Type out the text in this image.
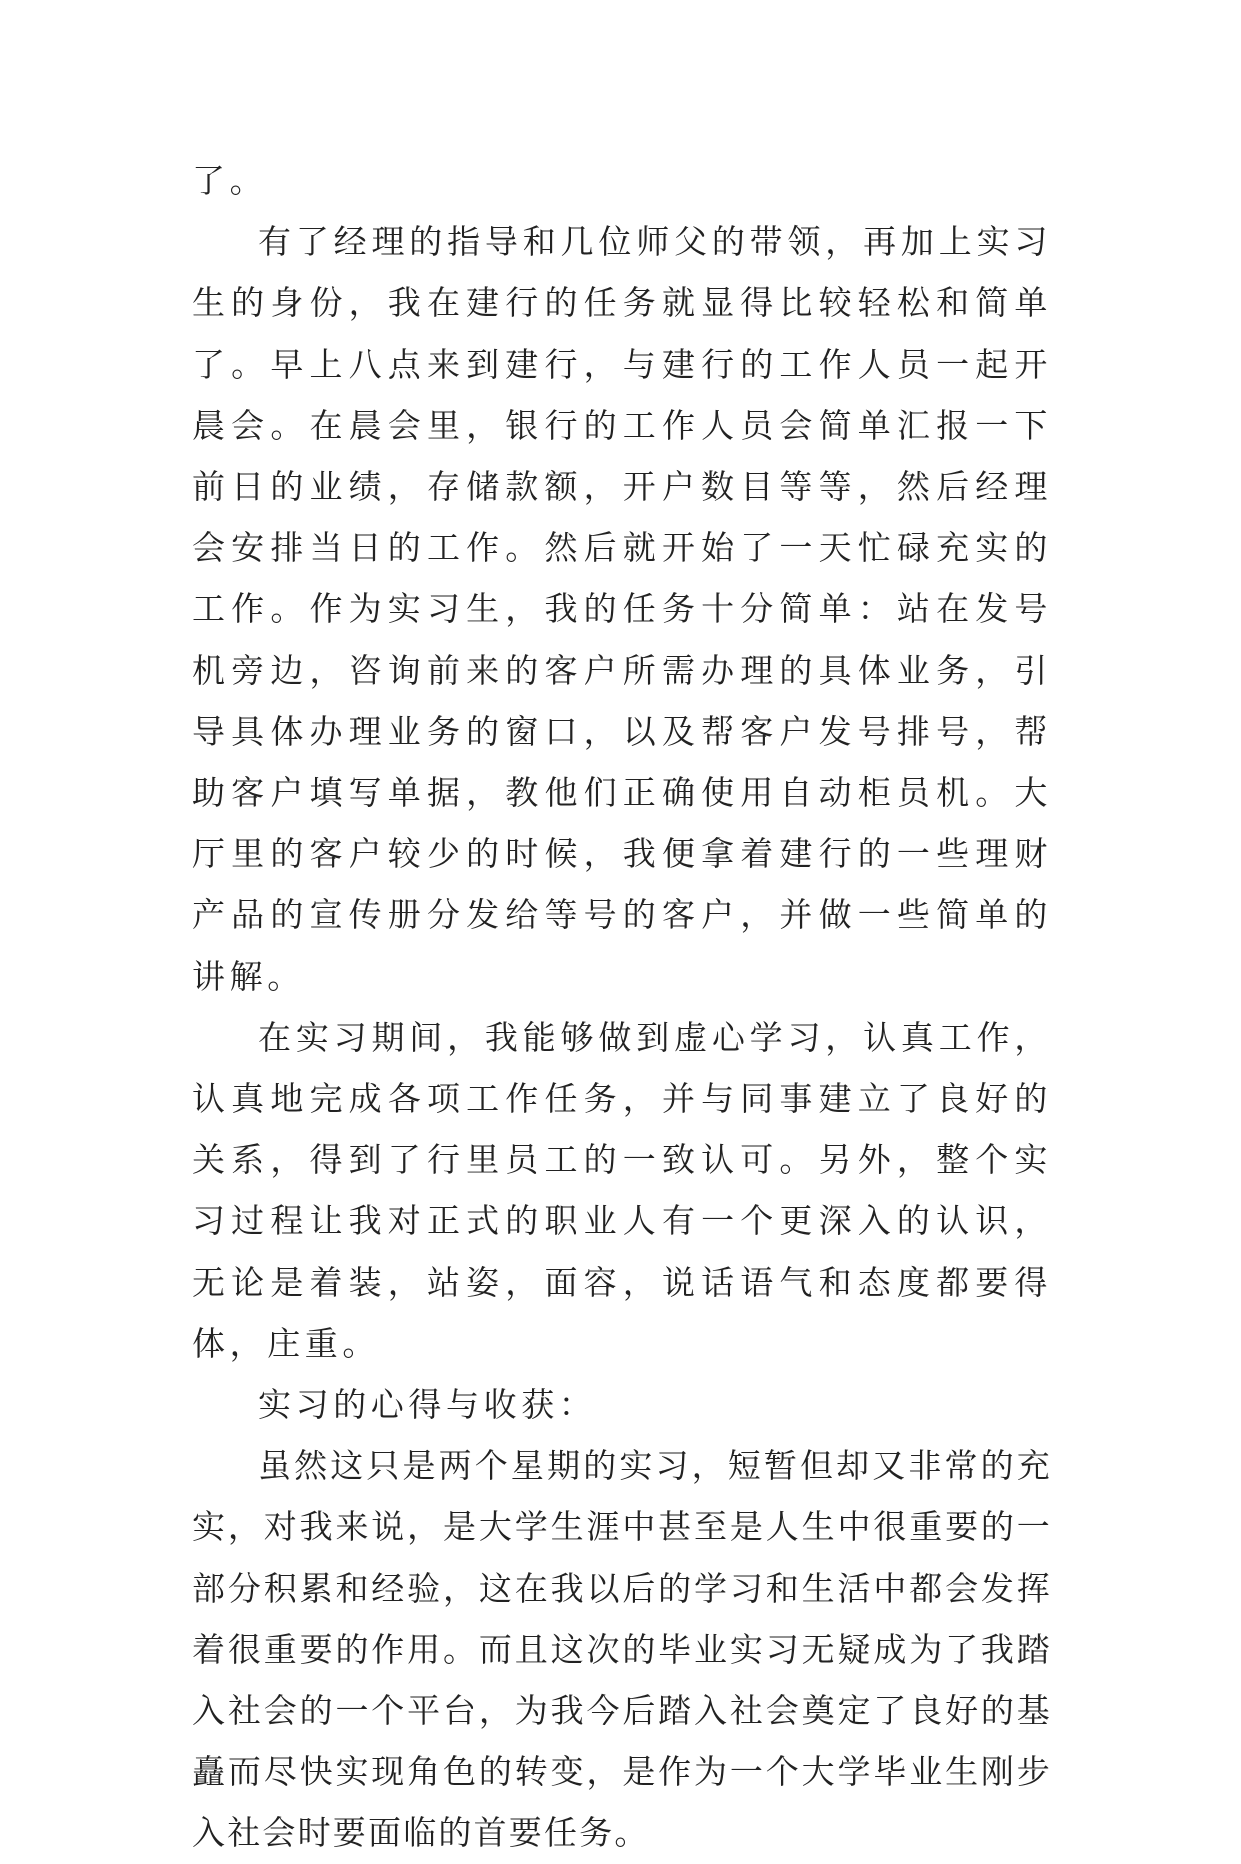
了。

有了经理的指导和几位师父的带领，再加上实习生的身份，我在建行的任务就显得比较轻松和简单了。早上八点来到建行，与建行的工作人员一起开晨会。在晨会里，银行的工作人员会简单汇报一下前日的业绩，存储款额，开户数目等等，然后经理会安排当日的工作。然后就开始了一天忙碌充实的工作。作为实习生，我的任务十分简单：站在发号机旁边，咨询前来的客户所需办理的具体业务，引导具体办理业务的窗口，以及帮客户发号排号，帮助客户填写单据，教他们正确使用自动柜员机。大厅里的客户较少的时候，我便拿着建行的一些理财产品的宣传册分发给等号的客户，并做一些简单的讲解。

在实习期间，我能够做到虚心学习，认真工作，认真地完成各项工作任务，并与同事建立了良好的关系，得到了行里员工的一致认可。另外，整个实习过程让我对正式的职业人有一个更深入的认识，无论是着装，站姿，面容，说话语气和态度都要得体，庄重。

实习的心得与收获：

虽然这只是两个星期的实习，短暂但却又非常的充实，对我来说，是大学生涯中甚至是人生中很重要的一部分积累和经验，这在我以后的学习和生活中都会发挥着很重要的作用。而且这次的毕业实习无疑成为了我踏入社会的一个平台，为我今后踏入社会奠定了良好的基矗而尽快实现角色的转变，是作为一个大学毕业生刚步入社会时要面临的首要任务。
